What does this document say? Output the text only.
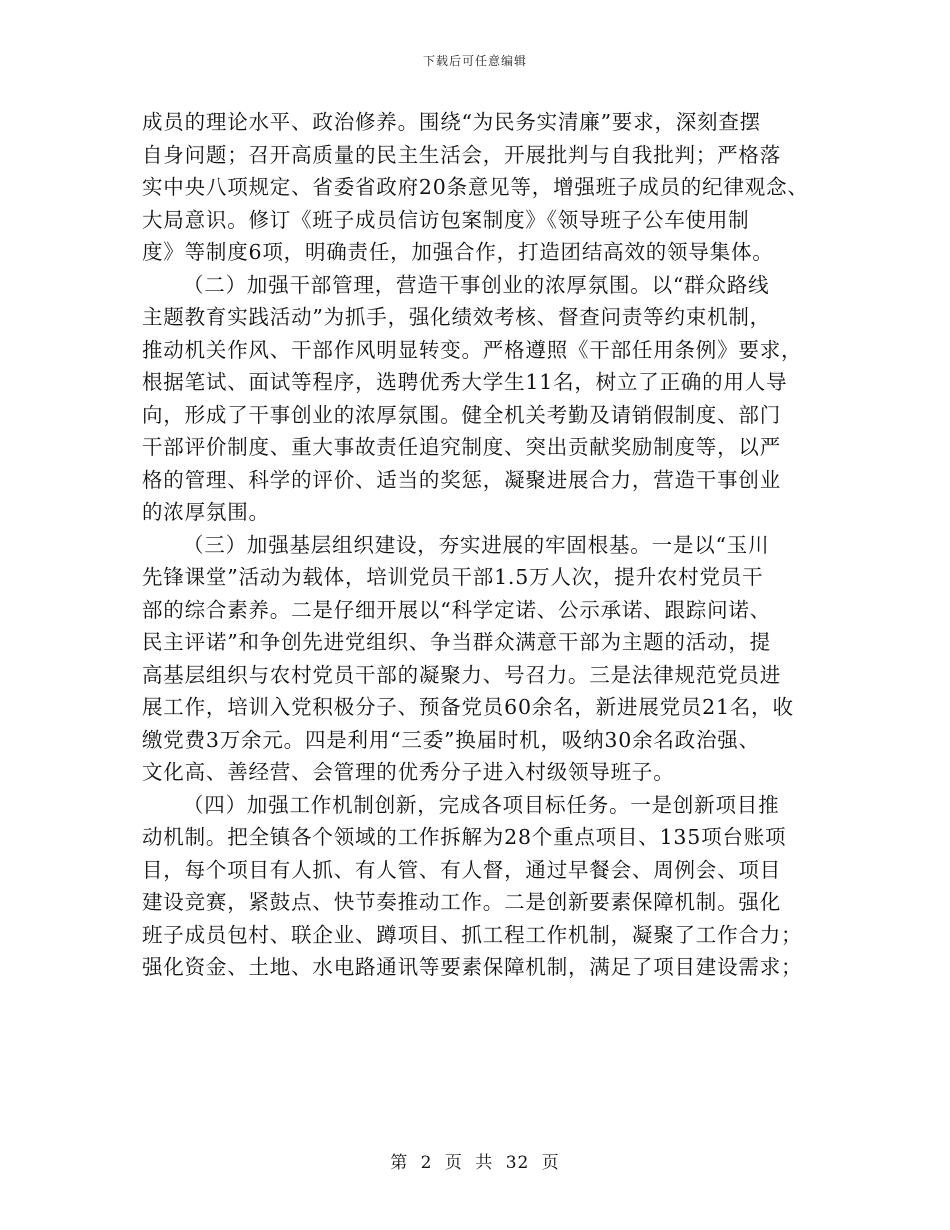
下载后可任意编辑
成员的理论水平、政治修养。围绕“为民务实清廉”要求，深刻查摆
自身问题；召开高质量的民主生活会，开展批判与自我批判；严格落
实中央八项规定、省委省政府20条意见等，增强班子成员的纪律观念、
大局意识。修订《班子成员信访包案制度》《领导班子公车使用制
度》等制度6项，明确责任，加强合作，打造团结高效的领导集体。
（二）加强干部管理，营造干事创业的浓厚氛围。以“群众路线
主题教育实践活动”为抓手，强化绩效考核、督查问责等约束机制，
推动机关作风、干部作风明显转变。严格遵照《干部任用条例》要求，
根据笔试、面试等程序，选聘优秀大学生11名，树立了正确的用人导
向，形成了干事创业的浓厚氛围。健全机关考勤及请销假制度、部门
干部评价制度、重大事故责任追究制度、突出贡献奖励制度等，以严
格的管理、科学的评价、适当的奖惩，凝聚进展合力，营造干事创业
的浓厚氛围。
（三）加强基层组织建设，夯实进展的牢固根基。一是以“玉川
先锋课堂”活动为载体，培训党员干部1.5万人次，提升农村党员干
部的综合素养。二是仔细开展以“科学定诺、公示承诺、跟踪问诺、
民主评诺”和争创先进党组织、争当群众满意干部为主题的活动，提
高基层组织与农村党员干部的凝聚力、号召力。三是法律规范党员进
展工作，培训入党积极分子、预备党员60余名，新进展党员21名，收
缴党费3万余元。四是利用“三委”换届时机，吸纳30余名政治强、
文化高、善经营、会管理的优秀分子进入村级领导班子。
（四）加强工作机制创新，完成各项目标任务。一是创新项目推
动机制。把全镇各个领域的工作拆解为28个重点项目、135项台账项
目，每个项目有人抓、有人管、有人督，通过早餐会、周例会、项目
建设竞赛，紧鼓点、快节奏推动工作。二是创新要素保障机制。强化
班子成员包村、联企业、蹲项目、抓工程工作机制，凝聚了工作合力；
强化资金、土地、水电路通讯等要素保障机制，满足了项目建设需求；
第 2 页 共 32 页
